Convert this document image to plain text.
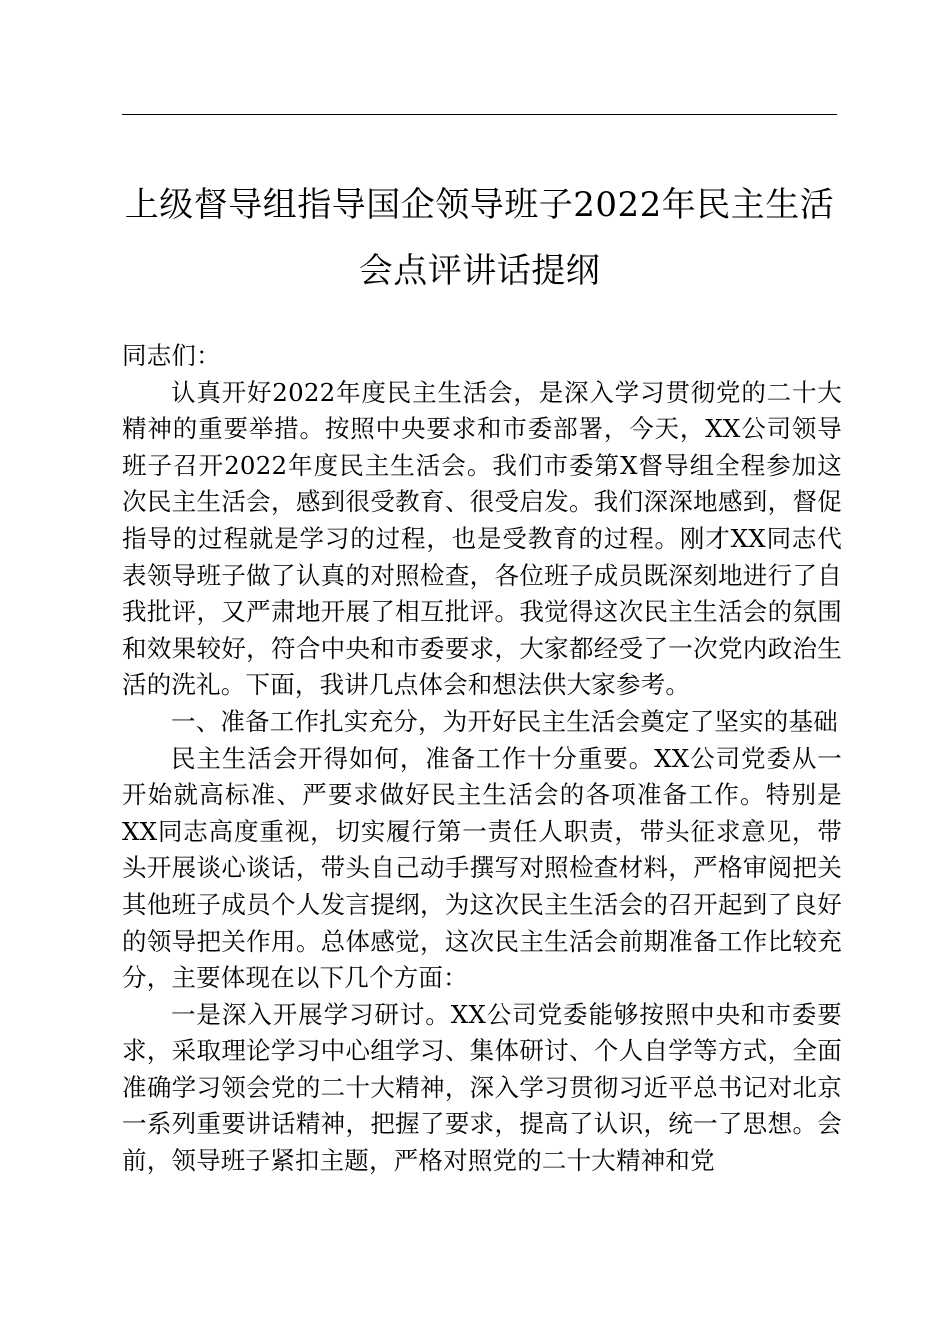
上级督导组指导国企领导班子2022年民主生活会点评讲话提纲

同志们：

认真开好2022年度民主生活会，是深入学习贯彻党的二十大精神的重要举措。按照中央要求和市委部署，今天，XX公司领导班子召开2022年度民主生活会。我们市委第X督导组全程参加这次民主生活会，感到很受教育、很受启发。我们深深地感到，督促指导的过程就是学习的过程，也是受教育的过程。刚才XX同志代表领导班子做了认真的对照检查，各位班子成员既深刻地进行了自我批评，又严肃地开展了相互批评。我觉得这次民主生活会的氛围和效果较好，符合中央和市委要求，大家都经受了一次党内政治生活的洗礼。下面，我讲几点体会和想法供大家参考。

一、准备工作扎实充分，为开好民主生活会奠定了坚实的基础

民主生活会开得如何，准备工作十分重要。XX公司党委从一开始就高标准、严要求做好民主生活会的各项准备工作。特别是XX同志高度重视，切实履行第一责任人职责，带头征求意见，带头开展谈心谈话，带头自己动手撰写对照检查材料，严格审阅把关其他班子成员个人发言提纲，为这次民主生活会的召开起到了良好的领导把关作用。总体感觉，这次民主生活会前期准备工作比较充分，主要体现在以下几个方面：

一是深入开展学习研讨。XX公司党委能够按照中央和市委要求，采取理论学习中心组学习、集体研讨、个人自学等方式，全面准确学习领会党的二十大精神，深入学习贯彻习近平总书记对北京一系列重要讲话精神，把握了要求，提高了认识，统一了思想。会前，领导班子紧扣主题，严格对照党的二十大精神和党
